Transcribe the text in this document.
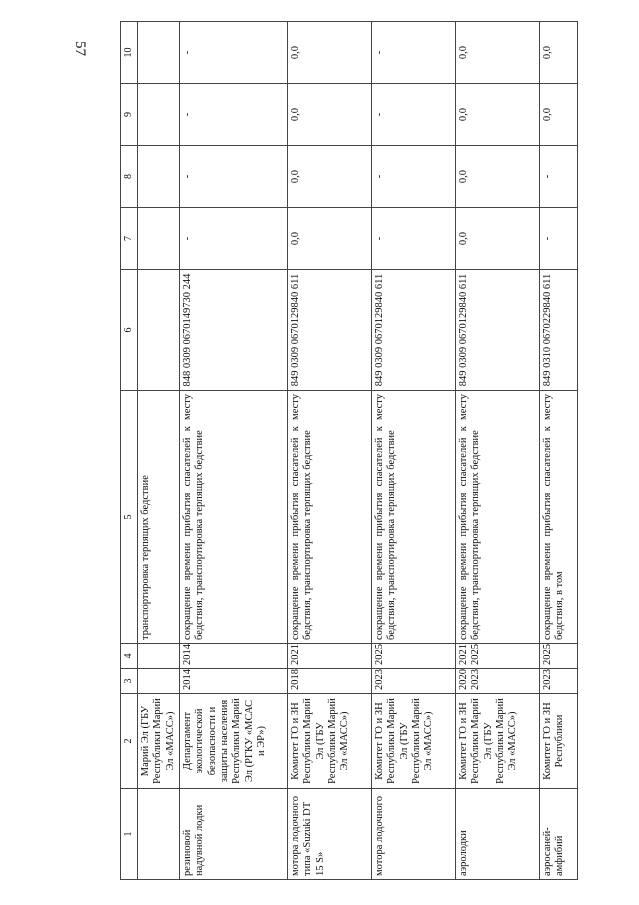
57
1	2	3	4	5	6	7	8	9	10
	Марий Эл (ГБУ Республики Марий Эл «МАСС»)			транспортировка терпящих бедствие					
резиновой надувной лодки	Департамент экологической безопасности и защиты населения Республики Марий Эл (РГКУ «МСАС и ЭР»)	2014	2014	сокращение времени прибытия спасателей к месту бедствия, транспортировка терпящих бедствие	848 0309 0670149730 244	-	-	-	-
мотора лодочного типа «Suzuki DT 15 S»	Комитет ГО и ЗН Республики Марий Эл (ГБУ Республики Марий Эл «МАСС»)	2018	2021	сокращение времени прибытия спасателей к месту бедствия, транспортировка терпящих бедствие	849 0309 0670129840 611	0,0	0,0	0,0	0,0
мотора лодочного	Комитет ГО и ЗН Республики Марий Эл (ГБУ Республики Марий Эл «МАСС»)	2023	2025	сокращение времени прибытия спасателей к месту бедствия, транспортировка терпящих бедствие	849 0309 0670129840 611	-	-	-	-
аэролодки	Комитет ГО и ЗН Республики Марий Эл (ГБУ Республики Марий Эл «МАСС»)	2020 2023	2021 2025	сокращение времени прибытия спасателей к месту бедствия, транспортировка терпящих бедствие	849 0309 0670129840 611	0,0	0,0	0,0	0,0
аэросаней-амфибий	Комитет ГО и ЗН Республики	2023	2025	сокращение времени прибытия спасателей к месту бедствия, в том	849 0310 0670229840 611	-	-	0,0	0,0
